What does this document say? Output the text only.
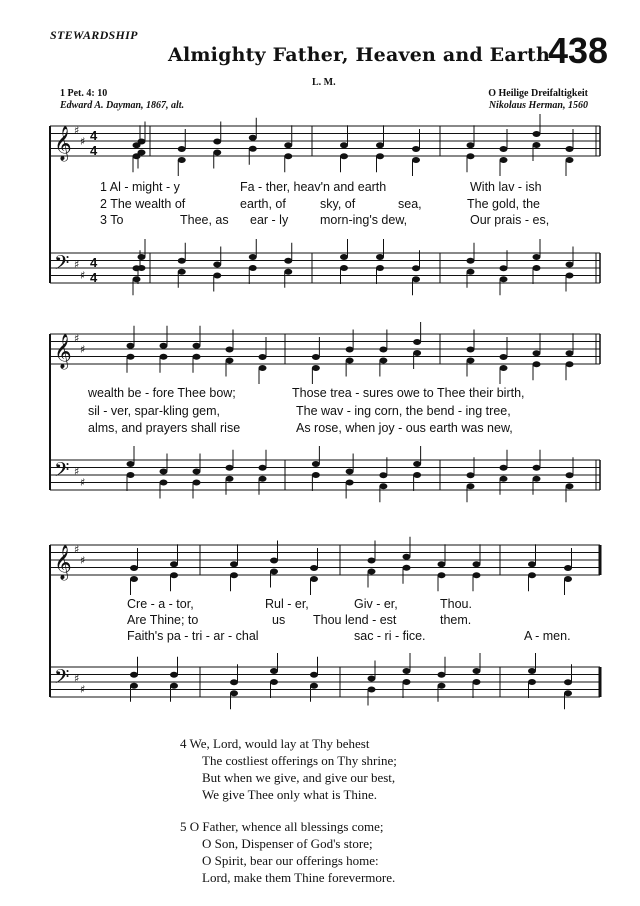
STEWARDSHIP
Almighty Father, Heaven and Earth
438
L. M.
1 Pet. 4: 10
Edward A. Dayman, 1867, alt.
O Heilige Dreifaltigkeit
Nikolaus Herman, 1560
𝄞
𝄢
♯
♯
♯
♯
4
4
4
4
𝄞
𝄢
♯
♯
♯
♯
𝄞
𝄢
♯
♯
♯
♯
1 Al - might - y	Fa - ther, heav'n and earth	With lav - ish
2 The wealth of	earth, of	sky, of	sea,	The gold, the
3 To	Thee, as ear - ly	morn-ing's dew,	Our prais - es,
wealth be - fore Thee bow;	Those trea - sures owe to Thee their birth,
sil - ver, spar-kling gem,	The wav - ing corn, the bend - ing tree,
alms, and prayers shall rise	As rose, when joy - ous earth was new,
Cre - a - tor,	Rul - er,	Giv - er,	Thou.
Are Thine; to	us Thou lend - est	them.
Faith's pa - tri - ar - chal	sac - ri - fice.	A - men.
4 We, Lord, would lay at Thy behest
The costliest offerings on Thy shrine;
But when we give, and give our best,
We give Thee only what is Thine.
5 O Father, whence all blessings come;
O Son, Dispenser of God's store;
O Spirit, bear our offerings home:
Lord, make them Thine forevermore.
